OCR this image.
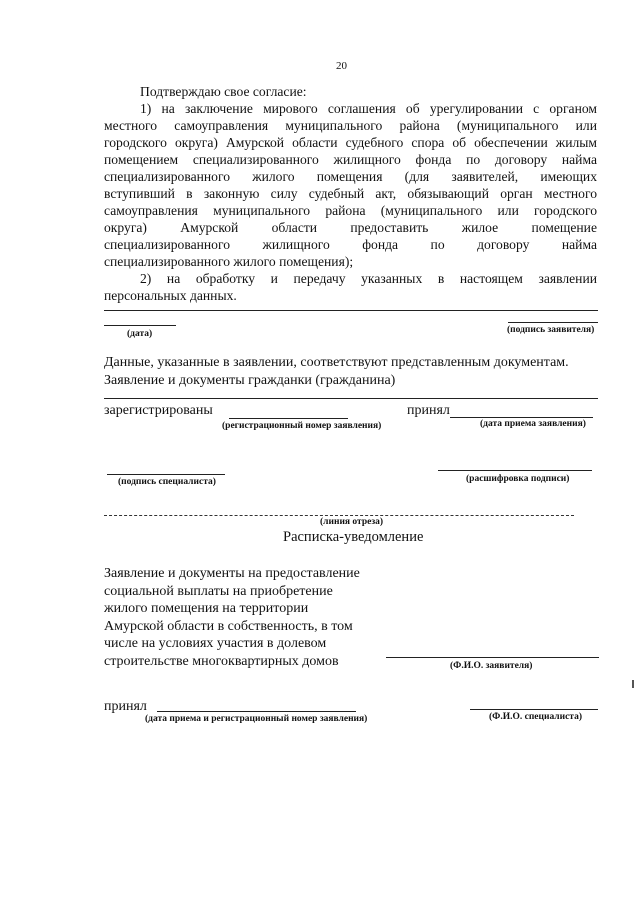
20
Подтверждаю свое согласие:
1) на заключение мирового соглашения об урегулировании с органом
местного самоуправления муниципального района (муниципального или
городского округа) Амурской области судебного спора об обеспечении жилым
помещением специализированного жилищного фонда по договору найма
специализированного жилого помещения (для заявителей, имеющих
вступивший в законную силу судебный акт, обязывающий орган местного
самоуправления муниципального района (муниципального или городского
округа) Амурской области предоставить жилое помещение
специализированного жилищного фонда по договору найма
специализированного жилого помещения);
2) на обработку и передачу указанных в настоящем заявлении
персональных данных.
(дата)	(подпись заявителя)
Данные, указанные в заявлении, соответствуют представленным документам.
Заявление и документы гражданки (гражданина)
зарегистрированы
(регистрационный номер заявления)
принял
(дата приема заявления)
(подпись специалиста)	(расшифровка подписи)
(линия отреза)
Расписка-уведомление
Заявление и документы на предоставление
социальной выплаты на приобретение
жилого помещения на территории
Амурской области в собственность, в том
числе на условиях участия в долевом
строительстве многоквартирных домов	(Ф.И.О. заявителя)
принял
(дата приема и регистрационный номер заявления)	(Ф.И.О. специалиста)
